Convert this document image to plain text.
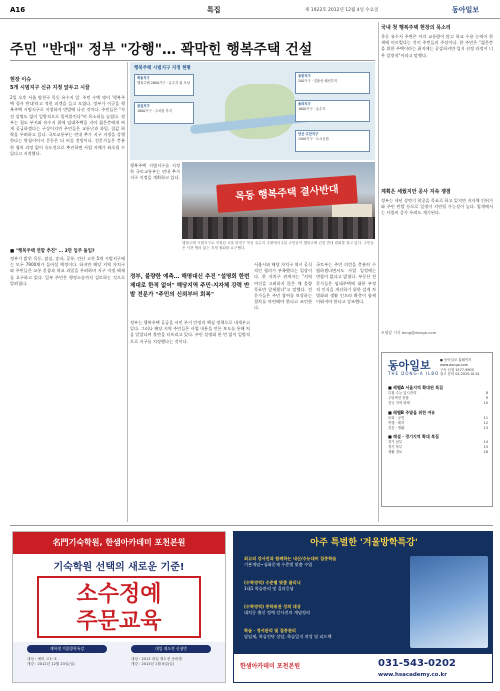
A16	특집	제 1922호 2012년 12월 4일 수요일	동아일보
주민 "반대" 정부 "강행"… 꽉막힌 행복주택 건설
현장 이슈
5개 시범지구 신규 지정 앞두고 시끌
2일 오후 서울 양천구 목동 유수지 앞. 주민 수백 명이 '행복주택 결사 반대'라고 적힌 피켓을 들고 모였다. 정부가 이곳을 행복주택 시범지구로 지정하자 반발에 나선 것이다. 주민들은 "사전 설명도 없이 일방적으로 밀어붙인다"며 목소리를 높였다. 정부는 철도 부지와 유수지 위에 임대주택을 지어 젊은층에게 싸게 공급하겠다는 구상이지만 주민들은 교통난과 과밀, 집값 하락을 우려하고 있다. 국토교통부는 연내 추가 지구 지정을 강행한다는 방침이어서 갈등은 더 커질 전망이다. 전문가들은 충분한 협의 과정 없이 속도전으로 추진하면 사업 자체가 좌초될 수 있다고 지적했다.
■ "행복주택 연말 추진" … 2만 입주 돌입?
정부가 밝힌 목동, 잠실, 송파, 공릉, 안산 고잔 5개 시범지구에는 모두 7900채가 들어설 예정이다. 하지만 해당 지역 자치구와 주민들은 교통 혼잡과 학교 과밀을 우려하며 지구 지정 해제를 요구하고 있다. 일부 주민은 행정소송까지 검토하는 것으로 알려졌다.
행복주택 시범지구 지정 현황
목동지구
행복주택 2800가구 · 유수지 위 조성
잠실지구
1800가구 · 주차장 부지
공릉지구
200가구 · 경춘선 폐선부지
송파지구
1600가구 · 유수지
안산 고잔지구
1500가구 · 도시공원
행복주택 시범지구를 지정한 국토교통부는 연내 추가 지구 지정을 계획하고 있다.
목동 행복주택 결사반대
행복주택 시범지구로 지정된 서울 양천구 목동 유수지 주변에서 2일 주민들이 행복주택 건설 반대 집회를 열고 있다. 주민들은 사전 협의 없는 지정 철회를 요구했다.
정부, 불량한 예측… 해명대신 추진 "설명회 한번 제대로 한적 없어" 해당지역 주민·지자체 강력 반발 전문가 "주민의 신뢰부터 회복"
정부는 행복주택 공급을 서민 주거 안정의 핵심 정책으로 내세우고 있다. 그러나 해당 지역 주민들은 사업 내용을 언론 보도를 통해 처음 알았다며 불만을 터뜨리고 있다. 주민 설명회 한 번 없이 일방적으로 지구를 지정했다는 것이다.
서울시와 해당 자치구 역시 공식적인 협의가 부족했다는 입장이다. 한 자치구 관계자는 "지역 여건을 고려하지 않은 채 물량 목표만 앞세웠다"고 말했다. 전문가들은 주민 참여를 보장하는 절차를 마련해야 한다고 조언한다.
국토부는 주민 의견을 충분히 수렴하겠다면서도 사업 일정에는 변함이 없다고 밝혔다. 부동산 전문가들은 임대주택에 대한 부정적 인식을 개선하기 위한 설계 차별화와 생활 인프라 확충이 함께 이뤄져야 한다고 강조했다.
국내 첫 행복주택 현장의 목소리
목동 유수지 주변은 이미 교통량이 많고 학교 수용 능력이 한계에 이르렀다는 것이 주민들의 주장이다. 한 주민은 "젊은층을 위한 주택이라는 취지에는 공감하지만 입지 선정 과정이 너무 일방적"이라고 말했다.
계획은 세웠지만 공사 지속 쟁점
정부는 내년 상반기 착공을 목표로 하고 있지만 지자체 인허가와 주민 반발 등으로 일정이 지연될 가능성이 높다. 업계에서는 사업비 증가 우려도 제기된다.
조영달 기자 dong@donga.com
동아일보
THE DONG-A ILBO
● 동아일보 홈페이지 www.donga.com
구독 신청 1577-9900
광고 문의 02-2020-0114
■ 레벨A 서울지역 확대된 특집
특집 수능 입시전략	8
주말섹션 종합	9
전국 지역 화제	10
■ 레벨B 주말을 위한 여유
문화 · 공연	11
여행 · 레저	12
건강 · 생활	13
■ 해설 · 경기지역 확대 특집
경기 남부	14
경기 북부	15
생활 정보	16
名門기숙학원, 한샘아카데미 포천본원
기숙학원 선택의 새로운 기준!
소수정예
주문교육
재학생 겨울방학특강	대입 재도전 신청반
대상 : 예비 고1~3
개강 : 2012년 12월 23일(일)
대상 : 2013 대입 재도전 준비생
개강 : 2013년 1월 6일(일)
아주 특별한 '겨울방학특강'
최고의 강사진과 함께하는 내신/수능대비 집중학습
기본개념~심화문제 수준별 맞춤 수업
(수학영역) 수준별 맞춤 클리닉
1대1 학습관리 및 질의응답
(수학영역) 중하위권 성적 대상
대치동 출신 정예 강사진의 개념정리
학습 · 정서관리 및 집중관리
담임제, 학습진단 상담, 학습일지 작성 및 피드백
한샘아카데미 포천본원	031-543-0202
www.hsacademy.co.kr
